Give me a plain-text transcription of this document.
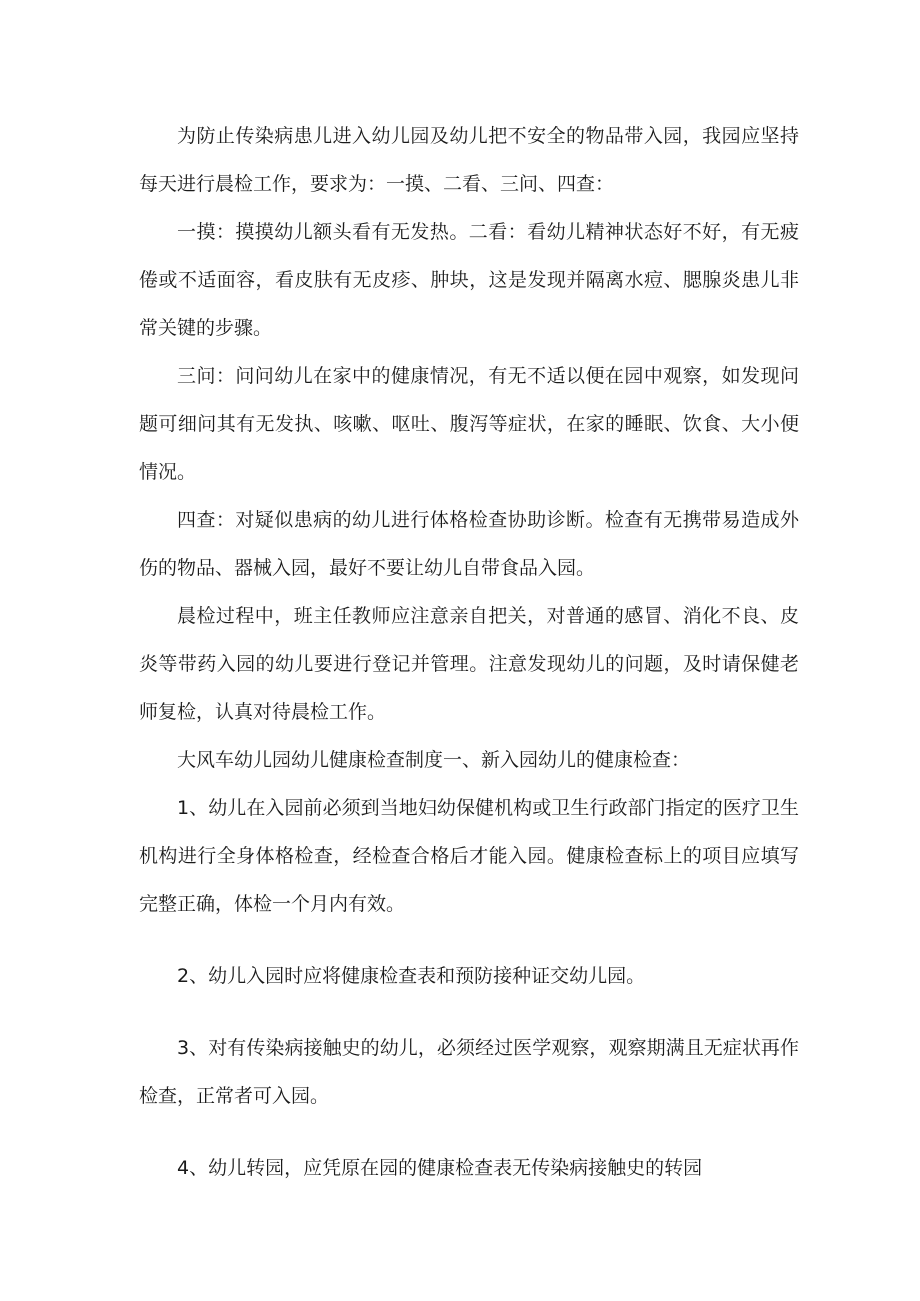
为防止传染病患儿进入幼儿园及幼儿把不安全的物品带入园，我园应坚持每天进行晨检工作，要求为：一摸、二看、三问、四查：

一摸：摸摸幼儿额头看有无发热。二看：看幼儿精神状态好不好，有无疲倦或不适面容，看皮肤有无皮疹、肿块，这是发现并隔离水痘、腮腺炎患儿非常关键的步骤。

三问：问问幼儿在家中的健康情况，有无不适以便在园中观察，如发现问题可细问其有无发执、咳嗽、呕吐、腹泻等症状，在家的睡眠、饮食、大小便情况。

四查：对疑似患病的幼儿进行体格检查协助诊断。检查有无携带易造成外伤的物品、器械入园，最好不要让幼儿自带食品入园。

晨检过程中，班主任教师应注意亲自把关，对普通的感冒、消化不良、皮炎等带药入园的幼儿要进行登记并管理。注意发现幼儿的问题，及时请保健老师复检，认真对待晨检工作。

大风车幼儿园幼儿健康检查制度一、新入园幼儿的健康检查：

1、幼儿在入园前必须到当地妇幼保健机构或卫生行政部门指定的医疗卫生机构进行全身体格检查，经检查合格后才能入园。健康检查标上的项目应填写完整正确，体检一个月内有效。

2、幼儿入园时应将健康检查表和预防接种证交幼儿园。

3、对有传染病接触史的幼儿，必须经过医学观察，观察期满且无症状再作检查，正常者可入园。

4、幼儿转园，应凭原在园的健康检查表无传染病接触史的转园
